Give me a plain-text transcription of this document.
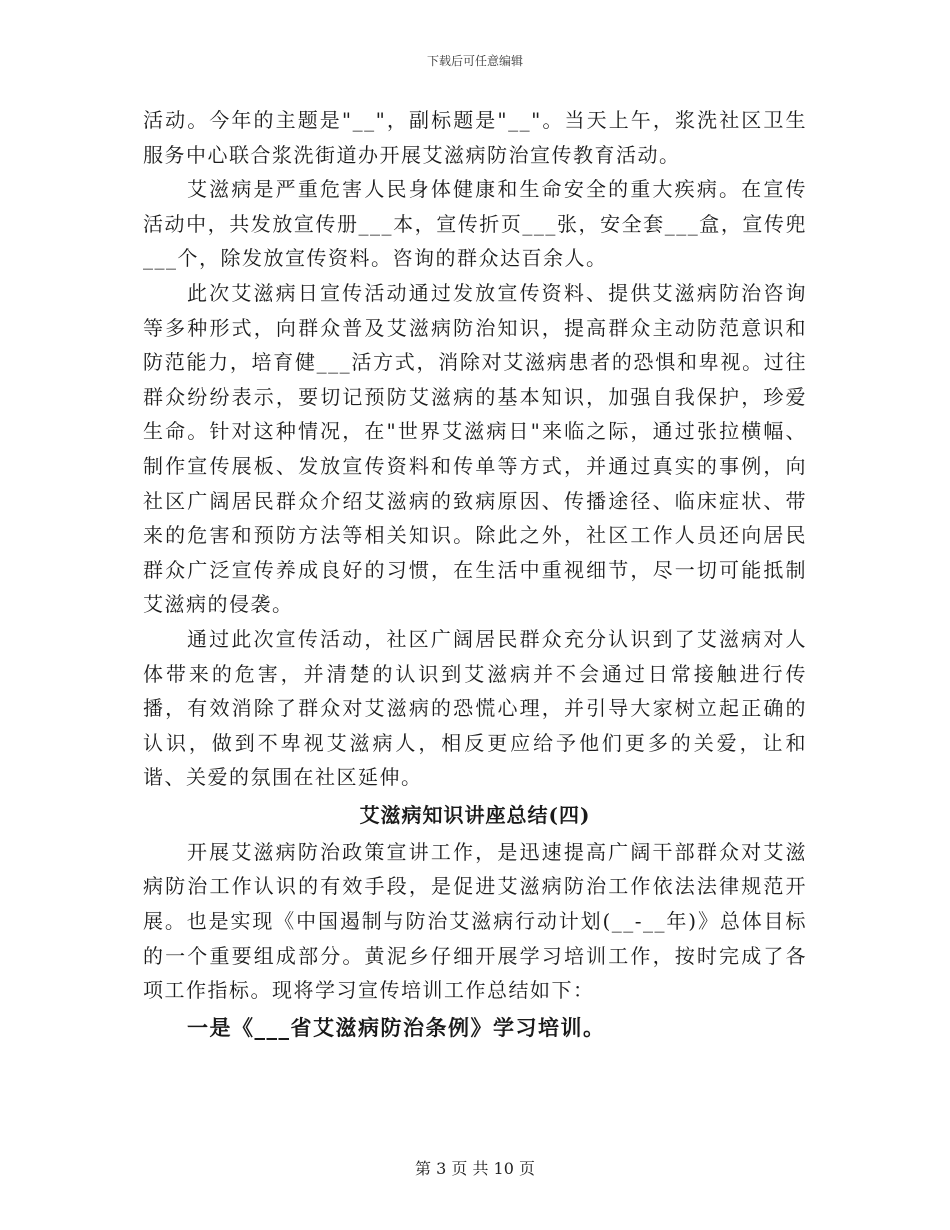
下载后可任意编辑

活动。今年的主题是"__"，副标题是"__"。当天上午，浆洗社区卫生服务中心联合浆洗街道办开展艾滋病防治宣传教育活动。

艾滋病是严重危害人民身体健康和生命安全的重大疾病。在宣传活动中，共发放宣传册___本，宣传折页___张，安全套___盒，宣传兜___个，除发放宣传资料。咨询的群众达百余人。

此次艾滋病日宣传活动通过发放宣传资料、提供艾滋病防治咨询等多种形式，向群众普及艾滋病防治知识，提高群众主动防范意识和防范能力，培育健___活方式，消除对艾滋病患者的恐惧和卑视。过往群众纷纷表示，要切记预防艾滋病的基本知识，加强自我保护，珍爱生命。针对这种情况，在"世界艾滋病日"来临之际，通过张拉横幅、制作宣传展板、发放宣传资料和传单等方式，并通过真实的事例，向社区广阔居民群众介绍艾滋病的致病原因、传播途径、临床症状、带来的危害和预防方法等相关知识。除此之外，社区工作人员还向居民群众广泛宣传养成良好的习惯，在生活中重视细节，尽一切可能抵制艾滋病的侵袭。

通过此次宣传活动，社区广阔居民群众充分认识到了艾滋病对人体带来的危害，并清楚的认识到艾滋病并不会通过日常接触进行传播，有效消除了群众对艾滋病的恐慌心理，并引导大家树立起正确的认识，做到不卑视艾滋病人，相反更应给予他们更多的关爱，让和谐、关爱的氛围在社区延伸。

艾滋病知识讲座总结(四)

开展艾滋病防治政策宣讲工作，是迅速提高广阔干部群众对艾滋病防治工作认识的有效手段，是促进艾滋病防治工作依法法律规范开展。也是实现《中国遏制与防治艾滋病行动计划(__-__年)》总体目标的一个重要组成部分。黄泥乡仔细开展学习培训工作，按时完成了各项工作指标。现将学习宣传培训工作总结如下：

一是《___省艾滋病防治条例》学习培训。

第 3 页 共 10 页
